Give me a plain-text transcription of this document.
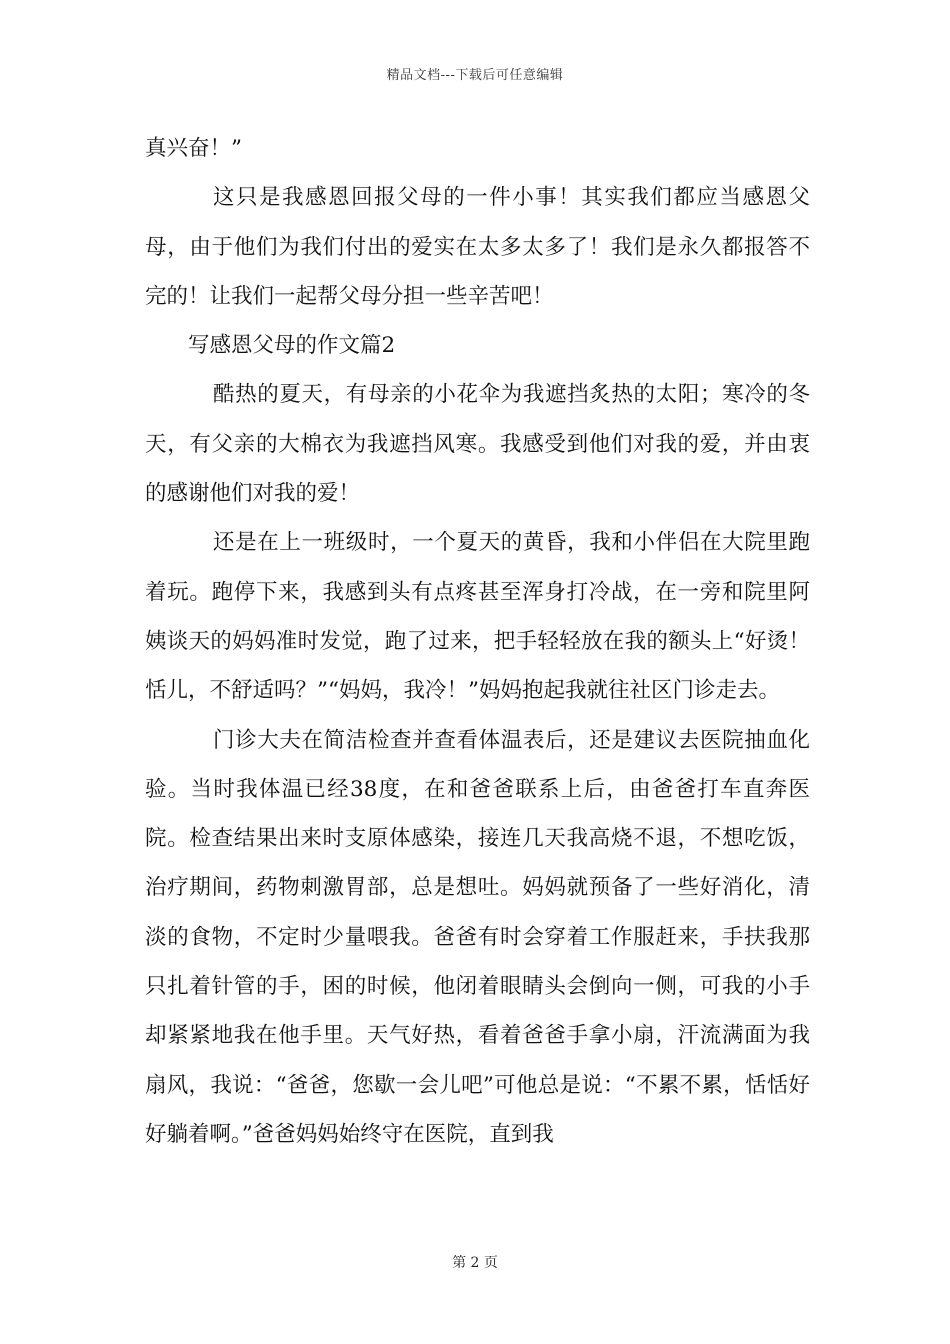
精品文档---下载后可任意编辑

真兴奋！”

这只是我感恩回报父母的一件小事！其实我们都应当感恩父母，由于他们为我们付出的爱实在太多太多了！我们是永久都报答不完的！让我们一起帮父母分担一些辛苦吧！

写感恩父母的作文篇2

酷热的夏天，有母亲的小花伞为我遮挡炙热的太阳；寒冷的冬天，有父亲的大棉衣为我遮挡风寒。我感受到他们对我的爱，并由衷的感谢他们对我的爱！

还是在上一班级时，一个夏天的黄昏，我和小伴侣在大院里跑着玩。跑停下来，我感到头有点疼甚至浑身打冷战，在一旁和院里阿姨谈天的妈妈准时发觉，跑了过来，把手轻轻放在我的额头上“好烫！恬儿，不舒适吗？”“妈妈，我冷！”妈妈抱起我就往社区门诊走去。

门诊大夫在简洁检查并查看体温表后，还是建议去医院抽血化验。当时我体温已经38度，在和爸爸联系上后，由爸爸打车直奔医院。检查结果出来时支原体感染，接连几天我高烧不退，不想吃饭，治疗期间，药物刺激胃部，总是想吐。妈妈就预备了一些好消化，清淡的食物，不定时少量喂我。爸爸有时会穿着工作服赶来，手扶我那只扎着针管的手，困的时候，他闭着眼睛头会倒向一侧，可我的小手却紧紧地我在他手里。天气好热，看着爸爸手拿小扇，汗流满面为我扇风，我说：“爸爸，您歇一会儿吧”可他总是说：“不累不累，恬恬好好躺着啊。”爸爸妈妈始终守在医院，直到我

第 2 页
